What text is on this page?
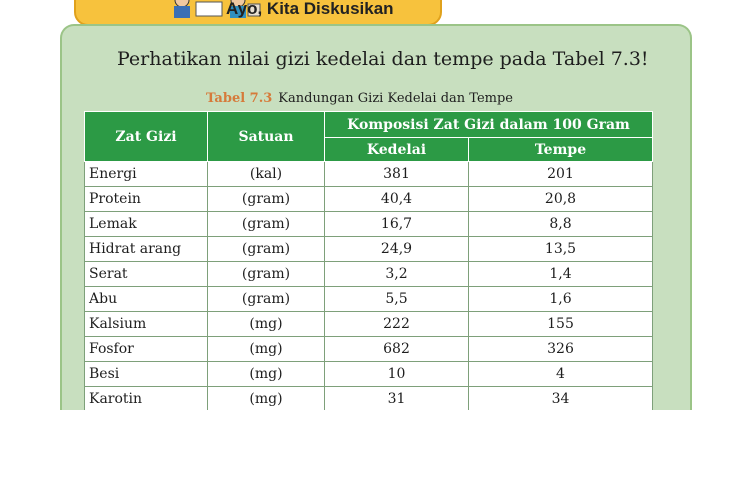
Ayo, Kita Diskusikan
Perhatikan nilai gizi kedelai dan tempe pada Tabel 7.3!
Tabel 7.3 Kandungan Gizi Kedelai dan Tempe
Zat Gizi	Satuan	Komposisi Zat Gizi dalam 100 Gram	
		Kedelai	Tempe
Energi	(kal)	381	201
Protein	(gram)	40,4	20,8
Lemak	(gram)	16,7	8,8
Hidrat arang	(gram)	24,9	13,5
Serat	(gram)	3,2	1,4
Abu	(gram)	5,5	1,6
Kalsium	(mg)	222	155
Fosfor	(mg)	682	326
Besi	(mg)	10	4
Karotin	(mg)	31	34
